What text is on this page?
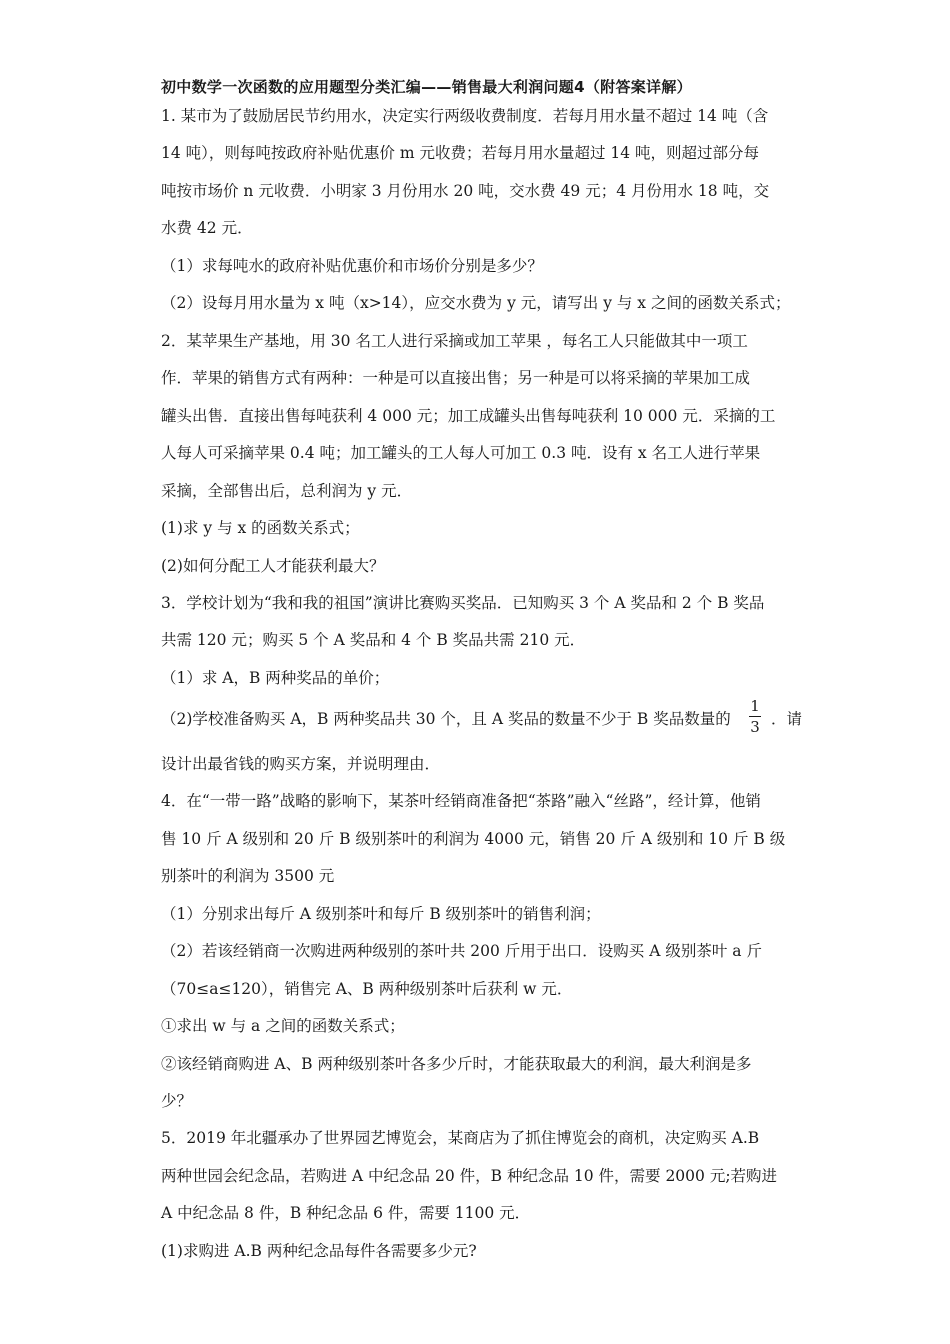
初中数学一次函数的应用题型分类汇编——销售最大利润问题4（附答案详解）
1. 某市为了鼓励居民节约用水，决定实行两级收费制度．若每月用水量不超过 14 吨（含
14 吨），则每吨按政府补贴优惠价 m 元收费；若每月用水量超过 14 吨，则超过部分每
吨按市场价 n 元收费．小明家 3 月份用水 20 吨，交水费 49 元；4 月份用水 18 吨，交
水费 42 元．
（1）求每吨水的政府补贴优惠价和市场价分别是多少？
（2）设每月用水量为 x 吨（x>14），应交水费为 y 元，请写出 y 与 x 之间的函数关系式；
2．某苹果生产基地，用 30 名工人进行采摘或加工苹果 ，每名工人只能做其中一项工
作．苹果的销售方式有两种：一种是可以直接出售；另一种是可以将采摘的苹果加工成
罐头出售．直接出售每吨获利 4 000 元；加工成罐头出售每吨获利 10 000 元．采摘的工
人每人可采摘苹果 0.4 吨；加工罐头的工人每人可加工 0.3 吨．设有 x 名工人进行苹果
采摘，全部售出后，总利润为 y 元．
(1)求 y 与 x 的函数关系式；
(2)如何分配工人才能获利最大？
3．学校计划为“我和我的祖国”演讲比赛购买奖品．已知购买 3 个 A 奖品和 2 个 B 奖品
共需 120 元；购买 5 个 A 奖品和 4 个 B 奖品共需 210 元．
（1）求 A，B 两种奖品的单价；
（2)学校准备购买 A，B 两种奖品共 30 个，且 A 奖品的数量不少于 B 奖品数量的
1
3 ．请
设计出最省钱的购买方案，并说明理由．
4．在“一带一路”战略的影响下，某茶叶经销商准备把“茶路”融入“丝路”，经计算，他销
售 10 斤 A 级别和 20 斤 B 级别茶叶的利润为 4000 元，销售 20 斤 A 级别和 10 斤 B 级
别茶叶的利润为 3500 元
（1）分别求出每斤 A 级别茶叶和每斤 B 级别茶叶的销售利润；
（2）若该经销商一次购进两种级别的茶叶共 200 斤用于出口．设购买 A 级别茶叶 a 斤
（70≤a≤120），销售完 A、B 两种级别茶叶后获利 w 元．
①求出 w 与 a 之间的函数关系式；
②该经销商购进 A、B 两种级别茶叶各多少斤时，才能获取最大的利润，最大利润是多
少？
5．2019 年北疆承办了世界园艺博览会，某商店为了抓住博览会的商机，决定购买 A.B
两种世园会纪念品，若购进 A 中纪念品 20 件，B 种纪念品 10 件，需要 2000 元;若购进
A 中纪念品 8 件，B 种纪念品 6 件，需要 1100 元．
(1)求购进 A.B 两种纪念品每件各需要多少元?
